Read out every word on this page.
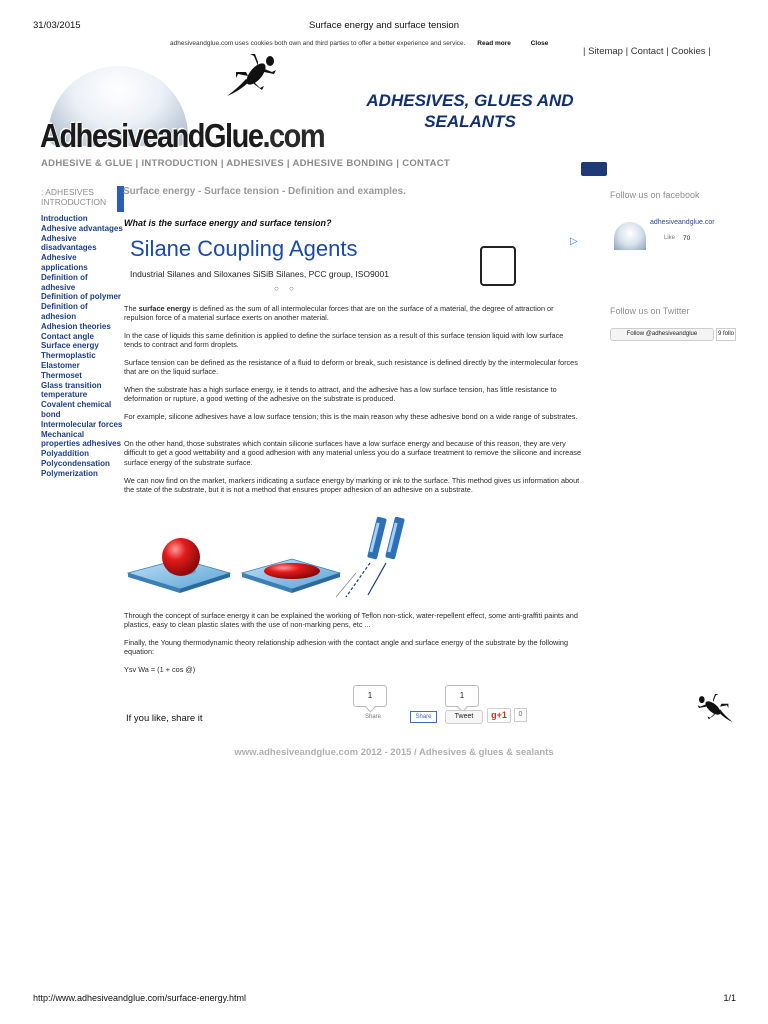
31/03/2015	Surface energy and surface tension
http://www.adhesiveandglue.com/surface-energy.html	1/1
adhesiveandglue.com uses cookies both own and third parties to offer a better experience and service. Read more	Close
| Sitemap | Contact | Cookies |
AdhesiveandGlue.com
ADHESIVES, GLUES AND SEALANTS
ADHESIVE & GLUE | INTRODUCTION | ADHESIVES | ADHESIVE BONDING | CONTACT
: ADHESIVES INTRODUCTION
Introduction
Adhesive advantages
Adhesive disadvantages
Adhesive applications
Definition of adhesive
Definition of polymer
Definition of adhesion
Adhesion theories
Contact angle
Surface energy
Thermoplastic
Elastomer
Thermoset
Glass transition temperature
Covalent chemical bond
Intermolecular forces
Mechanical properties adhesives
Polyaddition
Polycondensation
Polymerization
Surface energy - Surface tension - Definition and examples.
What is the surface energy and surface tension?
Silane Coupling Agents
Industrial Silanes and Siloxanes SiSiB Silanes, PCC group, ISO9001
▷
○ ○

The surface energy is defined as the sum of all intermolecular forces that are on the surface of a material, the degree of attraction or repulsion force of a material surface exerts on another material.

In the case of liquids this same definition is applied to define the surface tension as a result of this surface tension liquid with low surface tends to contract and form droplets.

Surface tension can be defined as the resistance of a fluid to deform or break, such resistance is defined directly by the intermolecular forces that are on the liquid surface.

When the substrate has a high surface energy, ie it tends to attract, and the adhesive has a low surface tension, has little resistance to deformation or rupture, a good wetting of the adhesive on the substrate is produced.

For example, silicone adhesives have a low surface tension; this is the main reason why these adhesive bond on a wide range of substrates.

On the other hand, those substrates which contain silicone surfaces have a low surface energy and because of this reason, they are very difficult to get a good wettability and a good adhesion with any material unless you do a surface treatment to remove the silicone and increase surface energy of the substrate surface.

We can now find on the market, markers indicating a surface energy by marking or ink to the surface. This method gives us information about the state of the substrate, but it is not a method that ensures proper adhesion of an adhesive on a substrate.

Through the concept of surface energy it can be explained the working of Teflon non-stick, water-repellent effect, some anti-graffiti paints and plastics, easy to clean plastic slates with the use of non-marking pens, etc ...

Finally, the Young thermodynamic theory relationship adhesion with the contact angle and surface energy of the substrate by the following equation:

Ysv Wa = (1 + cos @)

If you like, share it
1
Share	Share
1
Tweet	g+1	0
www.adhesiveandglue.com 2012 - 2015 / Adhesives & glues & sealants
Follow us on facebook
adhesiveandglue.cor
Like 70
Follow us on Twitter
Follow @adhesiveandglue	9 follo
